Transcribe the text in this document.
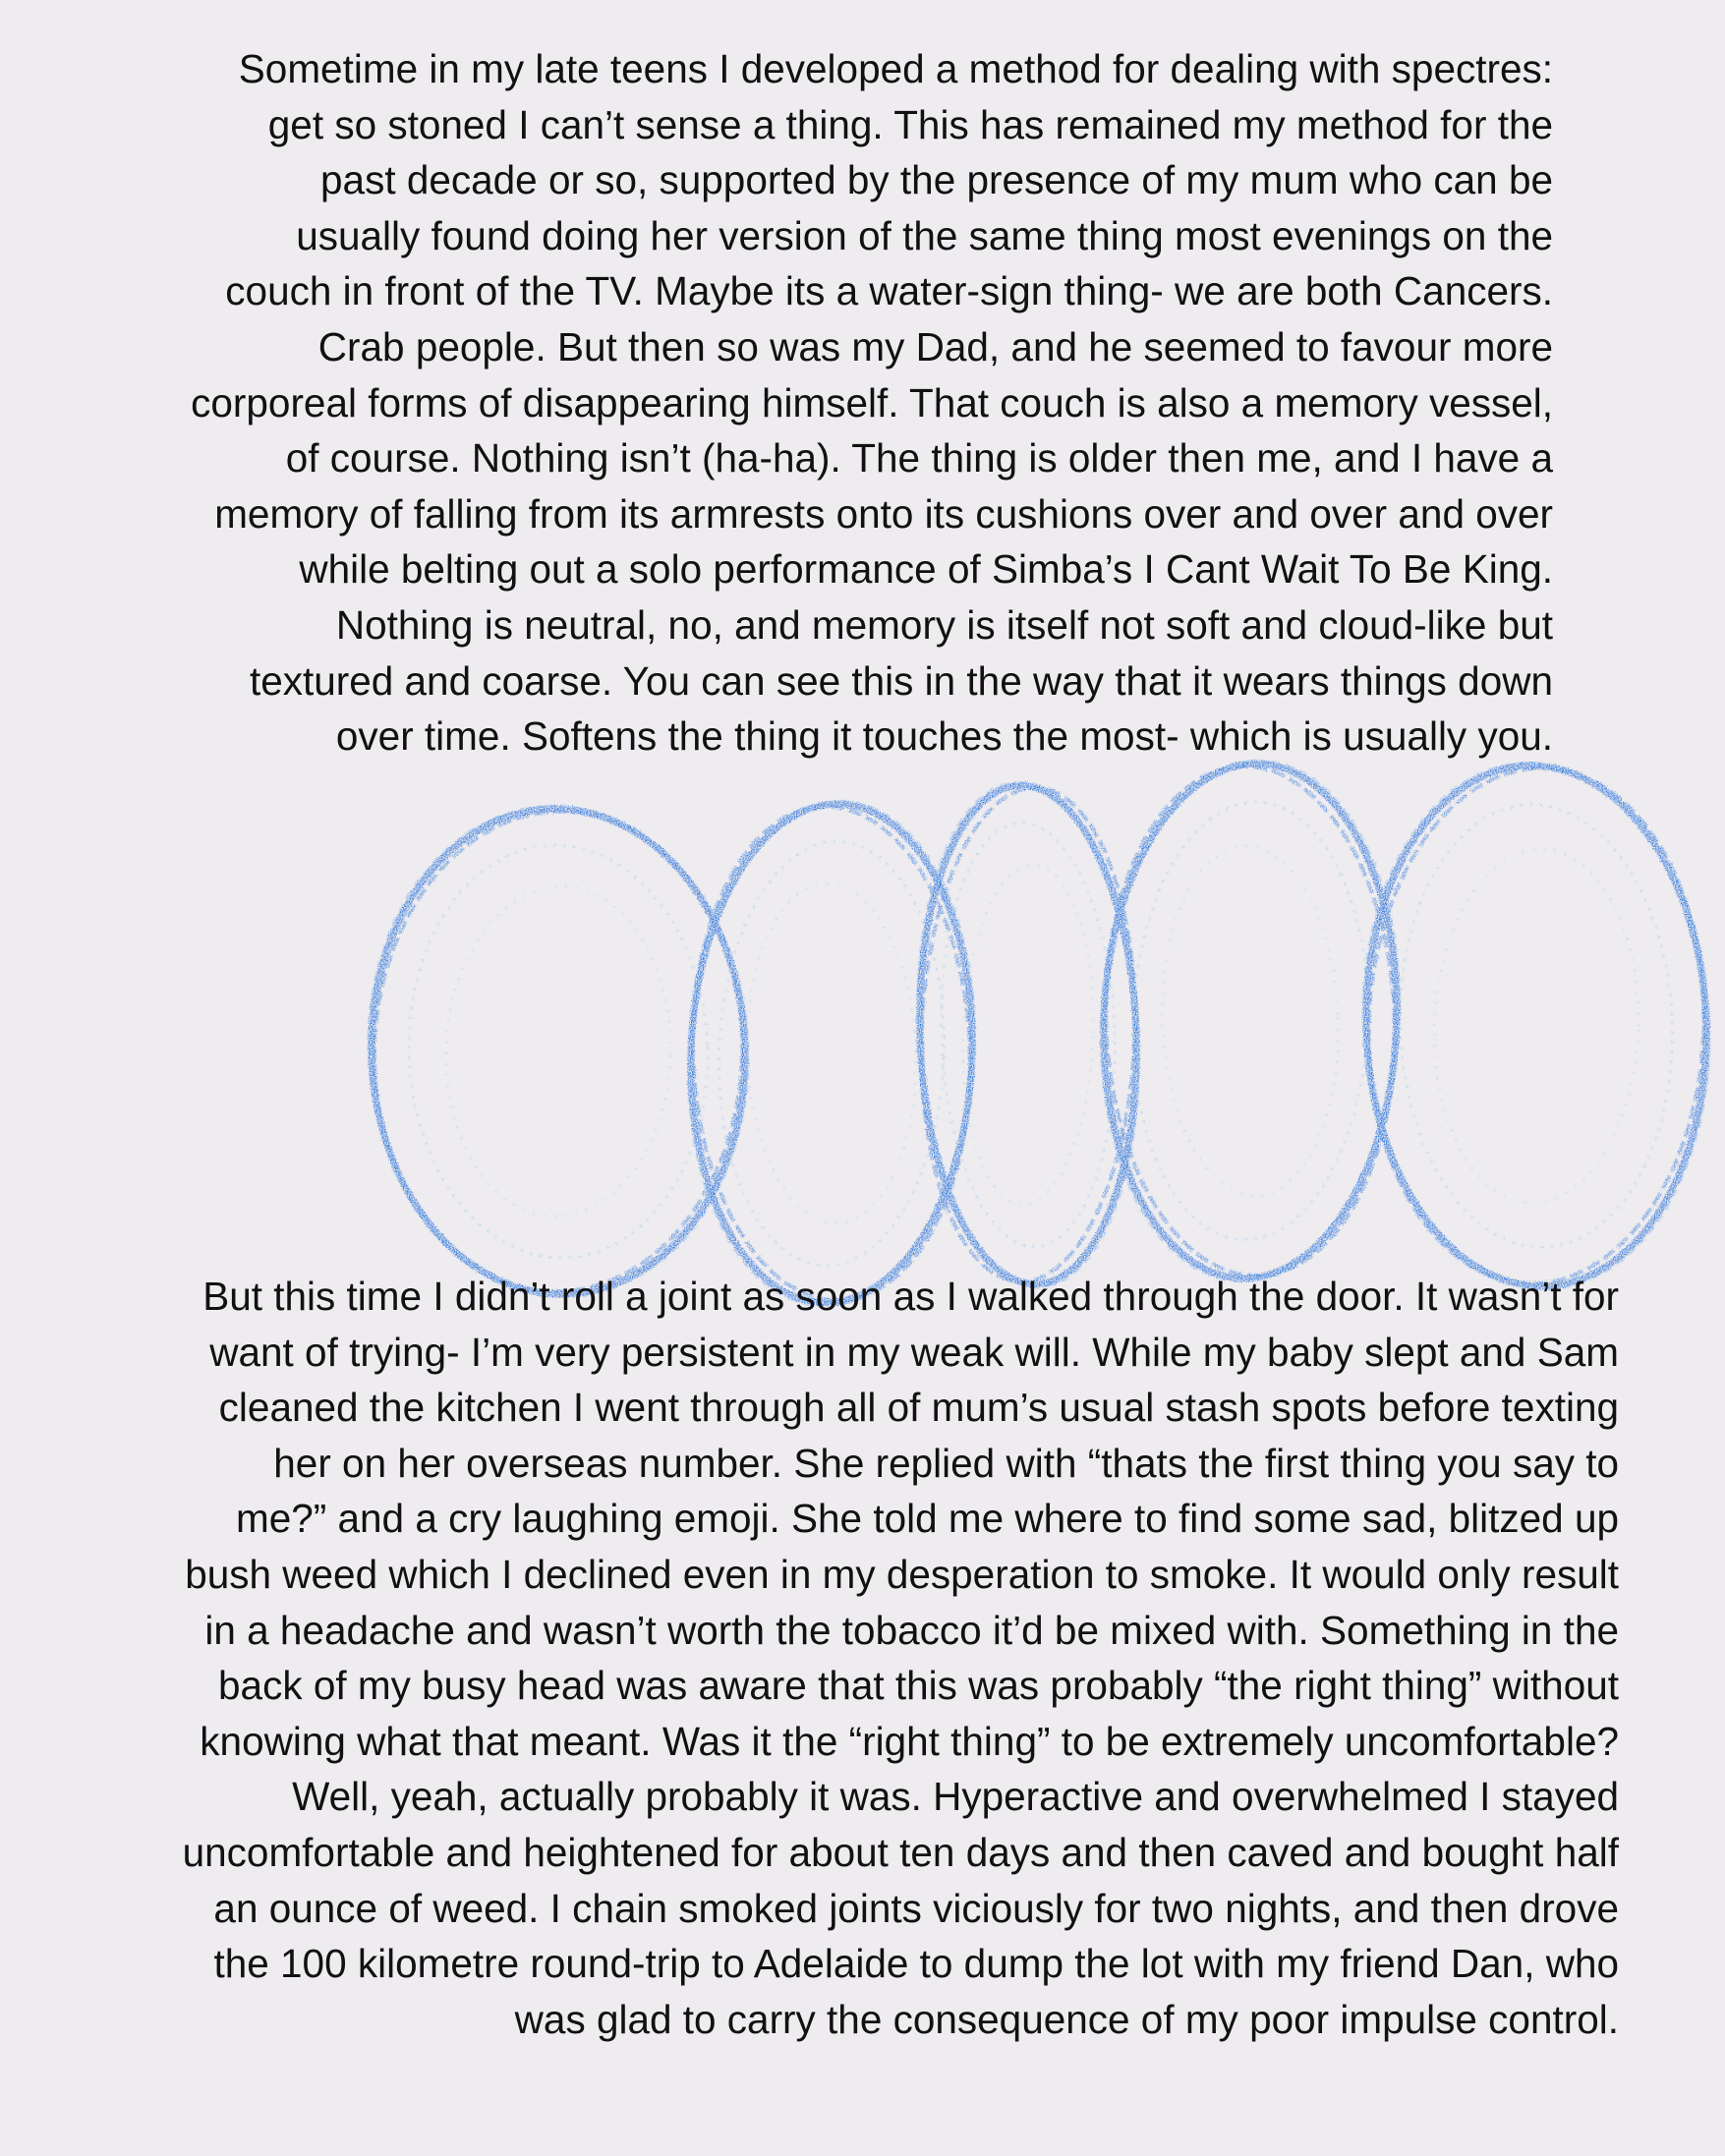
Sometime in my late teens I developed a method for dealing with spectres:
get so stoned I can’t sense a thing. This has remained my method for the
past decade or so, supported by the presence of my mum who can be
usually found doing her version of the same thing most evenings on the
couch in front of the TV. Maybe its a water-sign thing- we are both Cancers.
Crab people. But then so was my Dad, and he seemed to favour more
corporeal forms of disappearing himself. That couch is also a memory vessel,
of course. Nothing isn’t (ha-ha). The thing is older then me, and I have a
memory of falling from its armrests onto its cushions over and over and over
while belting out a solo performance of Simba’s I Cant Wait To Be King.
Nothing is neutral, no, and memory is itself not soft and cloud-like but
textured and coarse. You can see this in the way that it wears things down
over time. Softens the thing it touches the most- which is usually you.

But this time I didn’t roll a joint as soon as I walked through the door. It wasn’t for
want of trying- I’m very persistent in my weak will. While my baby slept and Sam
cleaned the kitchen I went through all of mum’s usual stash spots before texting
her on her overseas number. She replied with “thats the first thing you say to
me?” and a cry laughing emoji. She told me where to find some sad, blitzed up
bush weed which I declined even in my desperation to smoke. It would only result
in a headache and wasn’t worth the tobacco it’d be mixed with. Something in the
back of my busy head was aware that this was probably “the right thing” without
knowing what that meant. Was it the “right thing” to be extremely uncomfortable?
Well, yeah, actually probably it was. Hyperactive and overwhelmed I stayed
uncomfortable and heightened for about ten days and then caved and bought half
an ounce of weed. I chain smoked joints viciously for two nights, and then drove
the 100 kilometre round-trip to Adelaide to dump the lot with my friend Dan, who
was glad to carry the consequence of my poor impulse control.
